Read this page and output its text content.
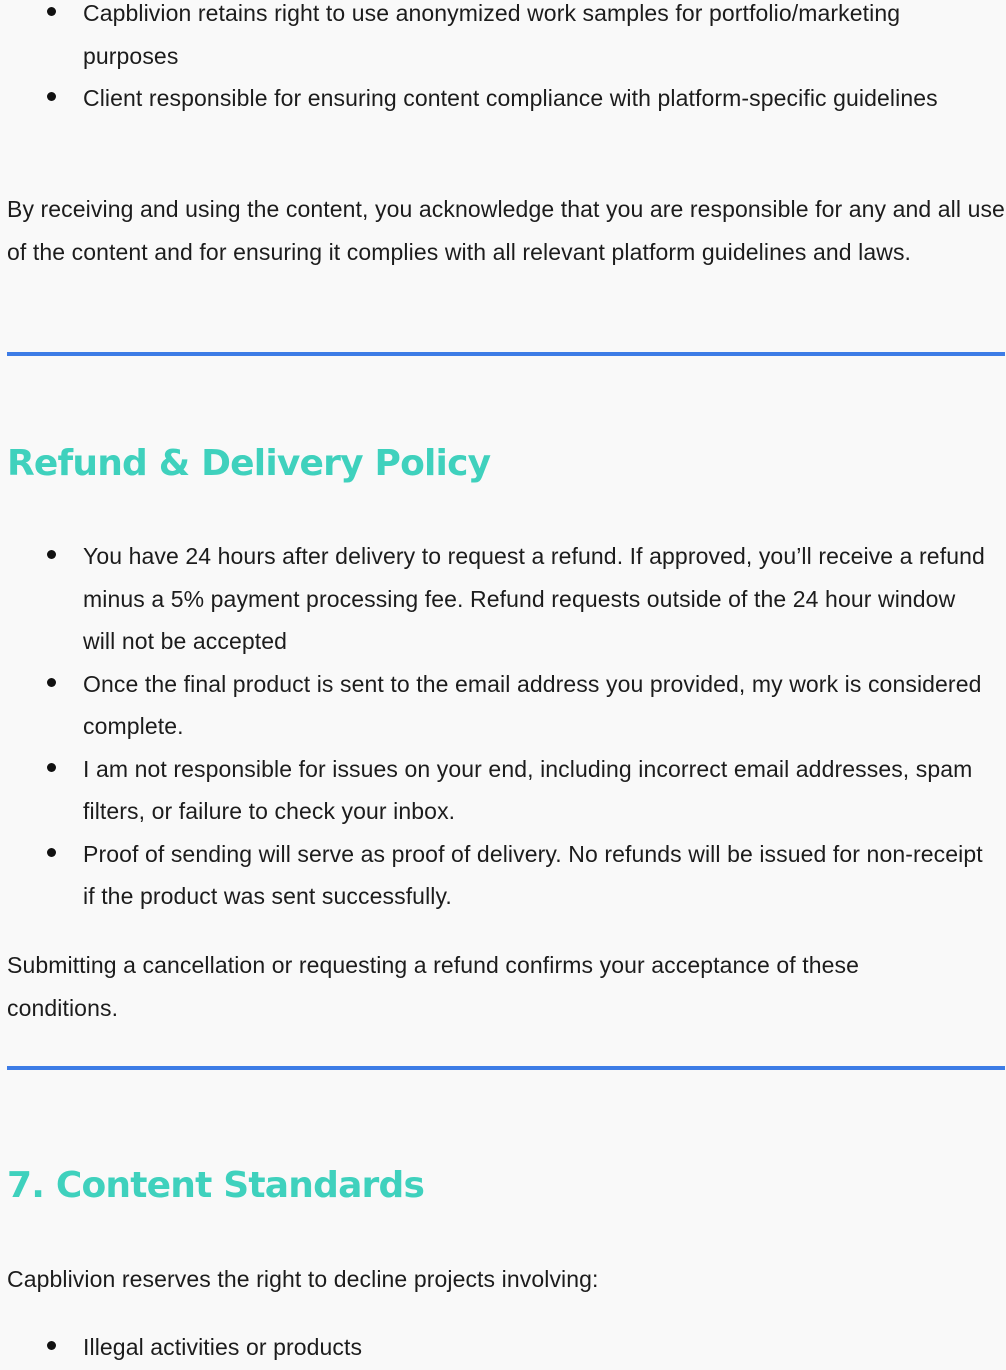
Capblivion retains right to use anonymized work samples for portfolio/marketing purposes
Client responsible for ensuring content compliance with platform-specific guidelines

By receiving and using the content, you acknowledge that you are responsible for any and all use of the content and for ensuring it complies with all relevant platform guidelines and laws.

Refund & Delivery Policy
You have 24 hours after delivery to request a refund. If approved, you’ll receive a refund minus a 5% payment processing fee. Refund requests outside of the 24 hour window will not be accepted
Once the final product is sent to the email address you provided, my work is considered complete.
I am not responsible for issues on your end, including incorrect email addresses, spam filters, or failure to check your inbox.
Proof of sending will serve as proof of delivery. No refunds will be issued for non-receipt if the product was sent successfully.

Submitting a cancellation or requesting a refund confirms your acceptance of these conditions.

7. Content Standards

Capblivion reserves the right to decline projects involving:

Illegal activities or products
